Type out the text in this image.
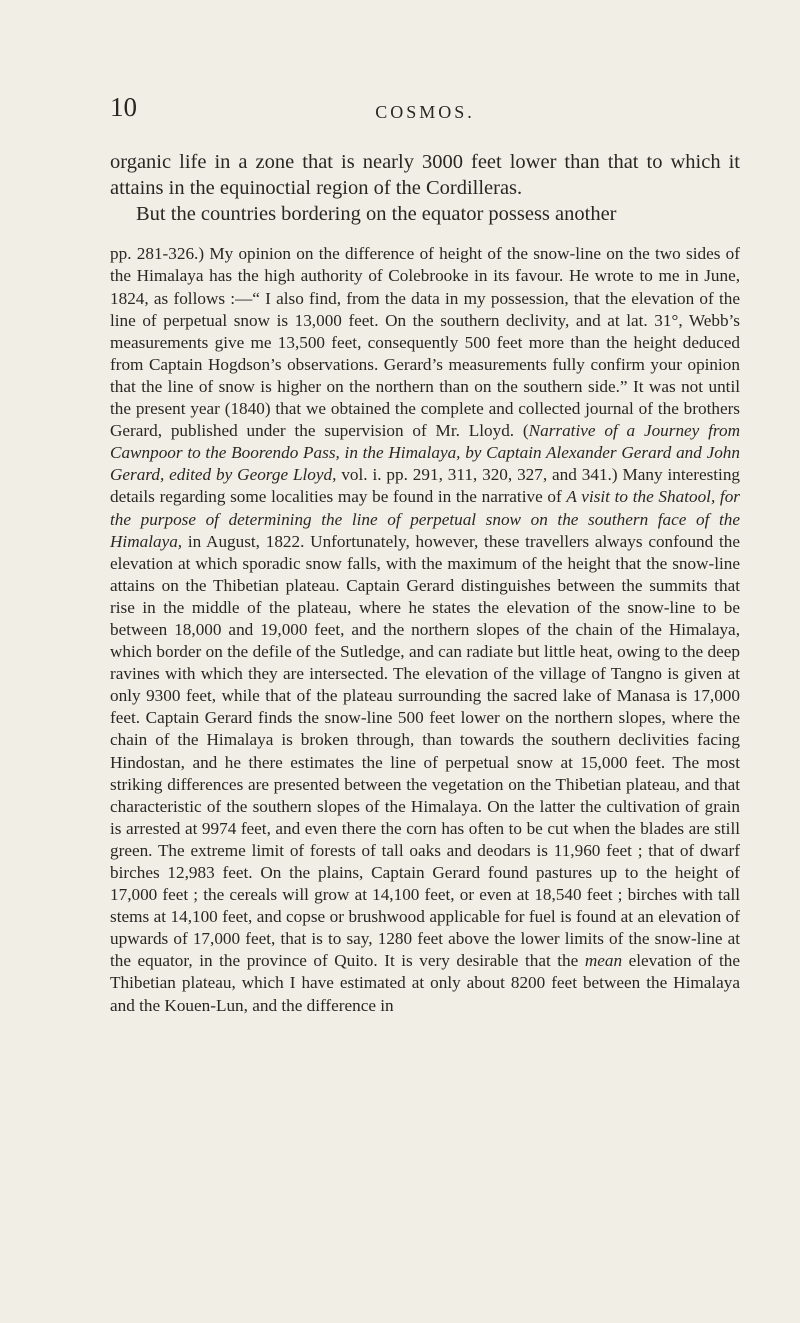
10	COSMOS.

organic life in a zone that is nearly 3000 feet lower than that to which it attains in the equinoctial region of the Cordilleras.

But the countries bordering on the equator possess another

pp. 281-326.) My opinion on the difference of height of the snow-line on the two sides of the Himalaya has the high authority of Colebrooke in its favour. He wrote to me in June, 1824, as follows :—“ I also find, from the data in my possession, that the elevation of the line of perpetual snow is 13,000 feet. On the southern declivity, and at lat. 31°, Webb’s measurements give me 13,500 feet, consequently 500 feet more than the height deduced from Captain Hogdson’s observations. Gerard’s measurements fully confirm your opinion that the line of snow is higher on the northern than on the southern side.” It was not until the present year (1840) that we obtained the complete and collected journal of the brothers Gerard, published under the supervision of Mr. Lloyd. (Narrative of a Journey from Cawnpoor to the Boorendo Pass, in the Himalaya, by Captain Alexander Gerard and John Gerard, edited by George Lloyd, vol. i. pp. 291, 311, 320, 327, and 341.) Many interesting details regarding some localities may be found in the narrative of A visit to the Shatool, for the purpose of determining the line of perpetual snow on the southern face of the Himalaya, in August, 1822. Unfortunately, however, these travellers always confound the elevation at which sporadic snow falls, with the maximum of the height that the snow-line attains on the Thibetian plateau. Captain Gerard distinguishes between the summits that rise in the middle of the plateau, where he states the elevation of the snow-line to be between 18,000 and 19,000 feet, and the northern slopes of the chain of the Himalaya, which border on the defile of the Sutledge, and can radiate but little heat, owing to the deep ravines with which they are intersected. The elevation of the village of Tangno is given at only 9300 feet, while that of the plateau surrounding the sacred lake of Manasa is 17,000 feet. Captain Gerard finds the snow-line 500 feet lower on the northern slopes, where the chain of the Himalaya is broken through, than towards the southern declivities facing Hindostan, and he there estimates the line of perpetual snow at 15,000 feet. The most striking differences are presented between the vegetation on the Thibetian plateau, and that characteristic of the southern slopes of the Himalaya. On the latter the cultivation of grain is arrested at 9974 feet, and even there the corn has often to be cut when the blades are still green. The extreme limit of forests of tall oaks and deodars is 11,960 feet ; that of dwarf birches 12,983 feet. On the plains, Captain Gerard found pastures up to the height of 17,000 feet ; the cereals will grow at 14,100 feet, or even at 18,540 feet ; birches with tall stems at 14,100 feet, and copse or brushwood applicable for fuel is found at an elevation of upwards of 17,000 feet, that is to say, 1280 feet above the lower limits of the snow-line at the equator, in the province of Quito. It is very desirable that the mean elevation of the Thibetian plateau, which I have estimated at only about 8200 feet between the Himalaya and the Kouen-Lun, and the difference in
